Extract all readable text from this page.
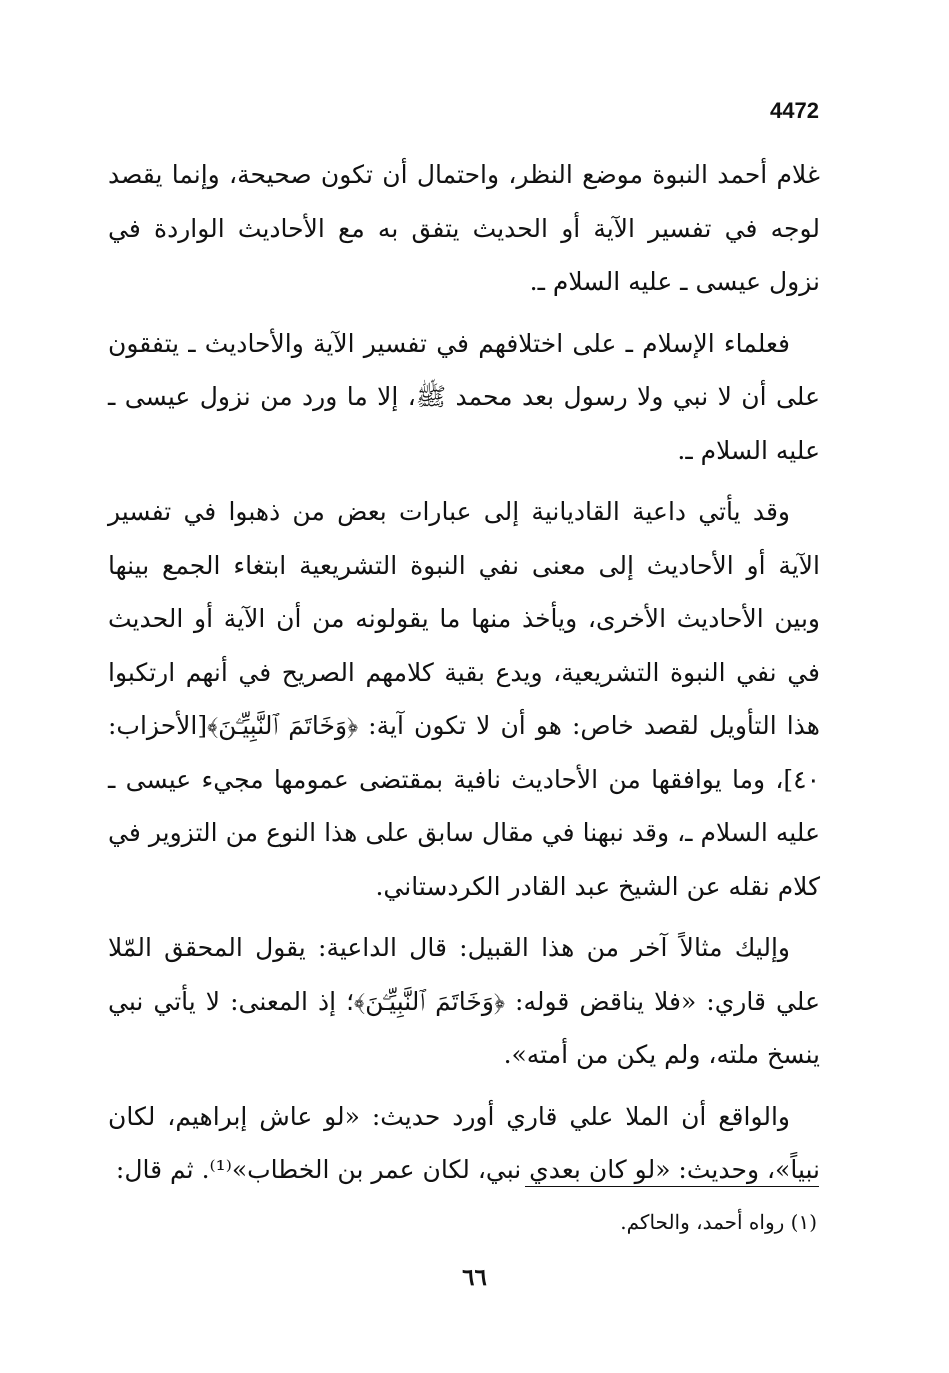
4472

غلام أحمد النبوة موضع النظر، واحتمال أن تكون صحيحة، وإنما يقصد لوجه في تفسير الآية أو الحديث يتفق به مع الأحاديث الواردة في نزول عيسى ـ عليه السلام ـ.

فعلماء الإسلام ـ على اختلافهم في تفسير الآية والأحاديث ـ يتفقون على أن لا نبي ولا رسول بعد محمد ﷺ، إلا ما ورد من نزول عيسى ـ عليه السلام ـ.

وقد يأتي داعية القاديانية إلى عبارات بعض من ذهبوا في تفسير الآية أو الأحاديث إلى معنى نفي النبوة التشريعية ابتغاء الجمع بينها وبين الأحاديث الأخرى، ويأخذ منها ما يقولونه من أن الآية أو الحديث في نفي النبوة التشريعية، ويدع بقية كلامهم الصريح في أنهم ارتكبوا هذا التأويل لقصد خاص: هو أن لا تكون آية: ﴿وَخَاتَمَ ٱلنَّبِيِّـۧنَ﴾[الأحزاب: ٤٠]، وما يوافقها من الأحاديث نافية بمقتضى عمومها مجيء عيسى ـ عليه السلام ـ، وقد نبهنا في مقال سابق على هذا النوع من التزوير في كلام نقله عن الشيخ عبد القادر الكردستاني.

وإليك مثالاً آخر من هذا القبيل: قال الداعية: يقول المحقق المّلا علي قاري: «فلا يناقض قوله: ﴿وَخَاتَمَ ٱلنَّبِيِّـۧنَ﴾؛ إذ المعنى: لا يأتي نبي ينسخ ملته، ولم يكن من أمته».

والواقع أن الملا علي قاري أورد حديث: «لو عاش إبراهيم، لكان نبياً»، وحديث: «لو كان بعدي نبي، لكان عمر بن الخطاب»⁽¹⁾. ثم قال:

(١) رواه أحمد، والحاكم.
٦٦
